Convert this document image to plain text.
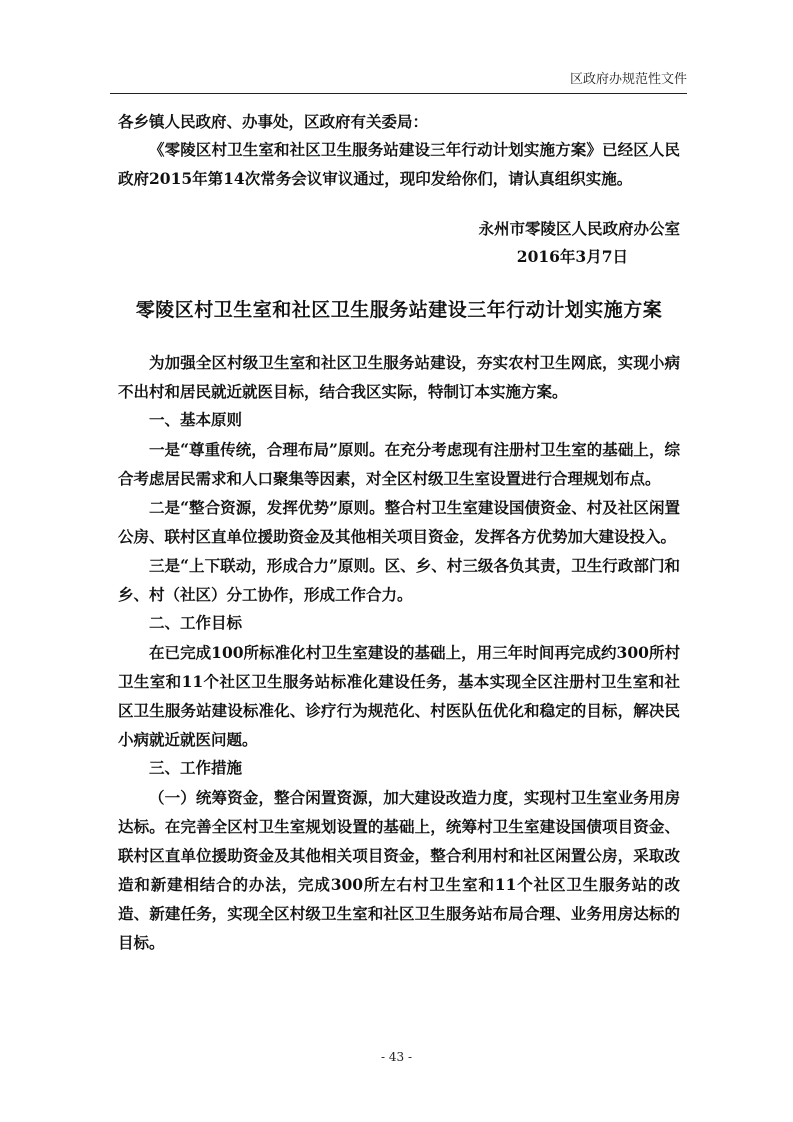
区政府办规范性文件
各乡镇人民政府、办事处，区政府有关委局：

《零陵区村卫生室和社区卫生服务站建设三年行动计划实施方案》已经区人民政府2015年第14次常务会议审议通过，现印发给你们，请认真组织实施。

永州市零陵区人民政府办公室
2016年3月7日
零陵区村卫生室和社区卫生服务站建设三年行动计划实施方案

为加强全区村级卫生室和社区卫生服务站建设，夯实农村卫生网底，实现小病不出村和居民就近就医目标，结合我区实际，特制订本实施方案。

一、基本原则

一是“尊重传统，合理布局”原则。在充分考虑现有注册村卫生室的基础上，综合考虑居民需求和人口聚集等因素，对全区村级卫生室设置进行合理规划布点。

二是“整合资源，发挥优势”原则。整合村卫生室建设国债资金、村及社区闲置公房、联村区直单位援助资金及其他相关项目资金，发挥各方优势加大建设投入。

三是“上下联动，形成合力”原则。区、乡、村三级各负其责，卫生行政部门和乡、村（社区）分工协作，形成工作合力。

二、工作目标

在已完成100所标准化村卫生室建设的基础上，用三年时间再完成约300所村卫生室和11个社区卫生服务站标准化建设任务，基本实现全区注册村卫生室和社区卫生服务站建设标准化、诊疗行为规范化、村医队伍优化和稳定的目标，解决民小病就近就医问题。

三、工作措施

（一）统筹资金，整合闲置资源，加大建设改造力度，实现村卫生室业务用房达标。在完善全区村卫生室规划设置的基础上，统筹村卫生室建设国债项目资金、联村区直单位援助资金及其他相关项目资金，整合利用村和社区闲置公房，采取改造和新建相结合的办法，完成300所左右村卫生室和11个社区卫生服务站的改造、新建任务，实现全区村级卫生室和社区卫生服务站布局合理、业务用房达标的目标。

- 43 -
